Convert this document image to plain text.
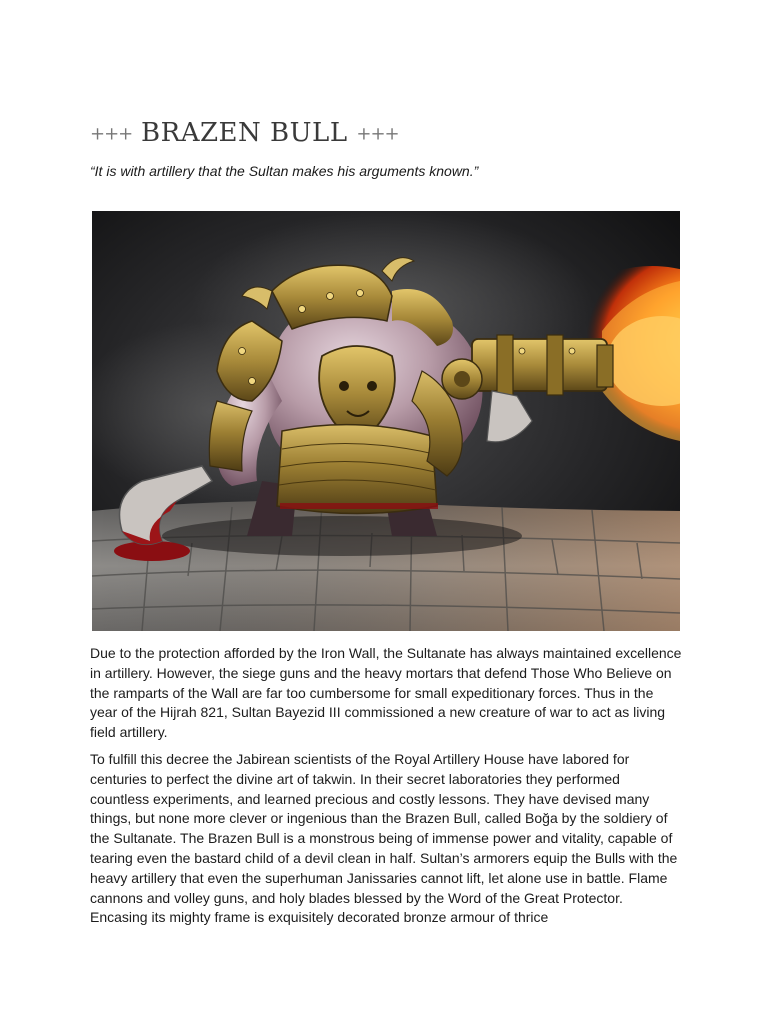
+++ BRAZEN BULL +++

“It is with artillery that the Sultan makes his arguments known.”

Due to the protection afforded by the Iron Wall, the Sultanate has always maintained excellence in artillery. However, the siege guns and the heavy mortars that defend Those Who Believe on the ramparts of the Wall are far too cumbersome for small expeditionary forces. Thus in the year of the Hijrah 821, Sultan Bayezid III commissioned a new creature of war to act as living field artillery.

To fulfill this decree the Jabirean scientists of the Royal Artillery House have labored for centuries to perfect the divine art of takwin. In their secret laboratories they performed countless experiments, and learned precious and costly lessons. They have devised many things, but none more clever or ingenious than the Brazen Bull, called Boğa by the soldiery of the Sultanate. The Brazen Bull is a monstrous being of immense power and vitality, capable of tearing even the bastard child of a devil clean in half. Sultan’s armorers equip the Bulls with the heavy artillery that even the superhuman Janissaries cannot lift, let alone use in battle. Flame cannons and volley guns, and holy blades blessed by the Word of the Great Protector. Encasing its mighty frame is exquisitely decorated bronze armour of thrice
